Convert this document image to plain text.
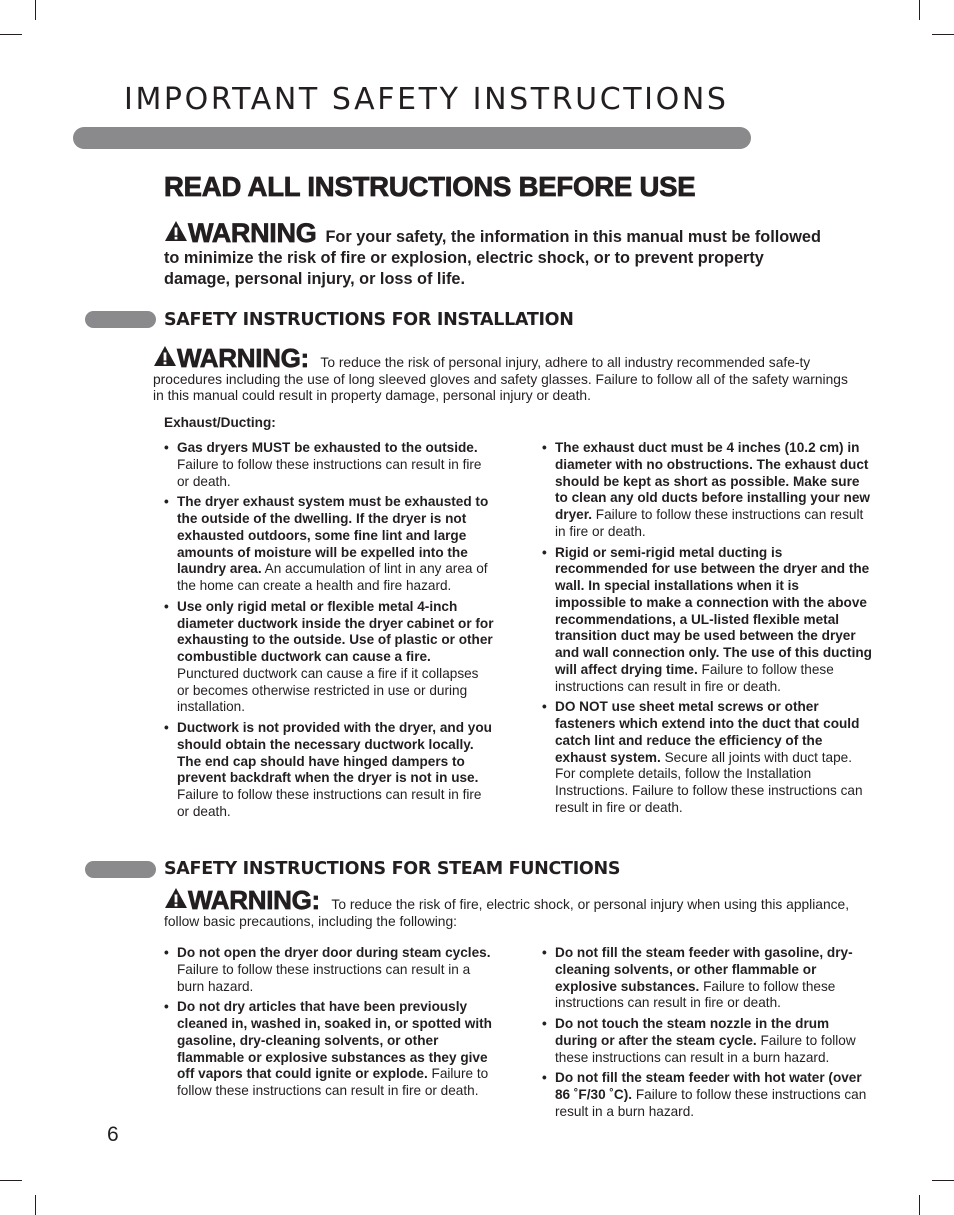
IMPORTANT SAFETY INSTRUCTIONS
READ ALL INSTRUCTIONS BEFORE USE

WARNING For your safety, the information in this manual must be followed to minimize the risk of fire or explosion, electric shock, or to prevent property damage, personal injury, or loss of life.

SAFETY INSTRUCTIONS FOR INSTALLATION

WARNING: To reduce the risk of personal injury, adhere to all industry recommended safe-ty procedures including the use of long sleeved gloves and safety glasses. Failure to follow all of the safety warnings in this manual could result in property damage, personal injury or death.

Exhaust/Ducting:

• Gas dryers MUST be exhausted to the outside. Failure to follow these instructions can result in fire or death.
• The dryer exhaust system must be exhausted to the outside of the dwelling. If the dryer is not exhausted outdoors, some fine lint and large amounts of moisture will be expelled into the laundry area. An accumulation of lint in any area of the home can create a health and fire hazard.
• Use only rigid metal or flexible metal 4-inch diameter ductwork inside the dryer cabinet or for exhausting to the outside. Use of plastic or other combustible ductwork can cause a fire. Punctured ductwork can cause a fire if it collapses or becomes otherwise restricted in use or during installation.
• Ductwork is not provided with the dryer, and you should obtain the necessary ductwork locally. The end cap should have hinged dampers to prevent backdraft when the dryer is not in use. Failure to follow these instructions can result in fire or death.
• The exhaust duct must be 4 inches (10.2 cm) in diameter with no obstructions. The exhaust duct should be kept as short as possible. Make sure to clean any old ducts before installing your new dryer. Failure to follow these instructions can result in fire or death.
• Rigid or semi-rigid metal ducting is recommended for use between the dryer and the wall. In special installations when it is impossible to make a connection with the above recommendations, a UL-listed flexible metal transition duct may be used between the dryer and wall connection only. The use of this ducting will affect drying time. Failure to follow these instructions can result in fire or death.
• DO NOT use sheet metal screws or other fasteners which extend into the duct that could catch lint and reduce the efficiency of the exhaust system. Secure all joints with duct tape. For complete details, follow the Installation Instructions. Failure to follow these instructions can result in fire or death.
SAFETY INSTRUCTIONS FOR STEAM FUNCTIONS

WARNING: To reduce the risk of fire, electric shock, or personal injury when using this appliance, follow basic precautions, including the following:

• Do not open the dryer door during steam cycles. Failure to follow these instructions can result in a burn hazard.
• Do not dry articles that have been previously cleaned in, washed in, soaked in, or spotted with gasoline, dry-cleaning solvents, or other flammable or explosive substances as they give off vapors that could ignite or explode. Failure to follow these instructions can result in fire or death.
• Do not fill the steam feeder with gasoline, dry-cleaning solvents, or other flammable or explosive substances. Failure to follow these instructions can result in fire or death.
• Do not touch the steam nozzle in the drum during or after the steam cycle. Failure to follow these instructions can result in a burn hazard.
• Do not fill the steam feeder with hot water (over 86 ˚F/30 ˚C). Failure to follow these instructions can result in a burn hazard.

6
